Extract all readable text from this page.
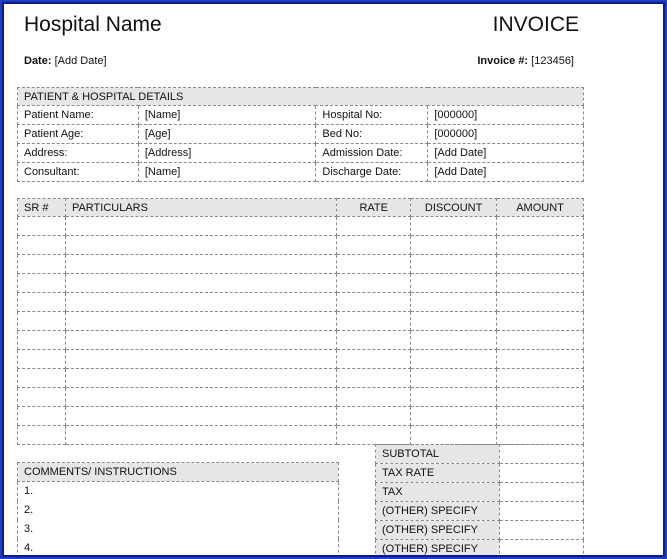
Hospital Name	INVOICE
Date: [Add Date]	Invoice #: [123456]
PATIENT & HOSPITAL DETAILS			
Patient Name:	[Name]	Hospital No:	[000000]
Patient Age:	[Age]	Bed No:	[000000]
Address:	[Address]	Admission Date:	[Add Date]
Consultant:	[Name]	Discharge Date:	[Add Date]
SR #	PARTICULARS	RATE	DISCOUNT	AMOUNT

COMMENTS/ INSTRUCTIONS
1.
2.
3.
4.
SUBTOTAL	
TAX RATE	
TAX	
(OTHER) SPECIFY	
(OTHER) SPECIFY	
(OTHER) SPECIFY	
